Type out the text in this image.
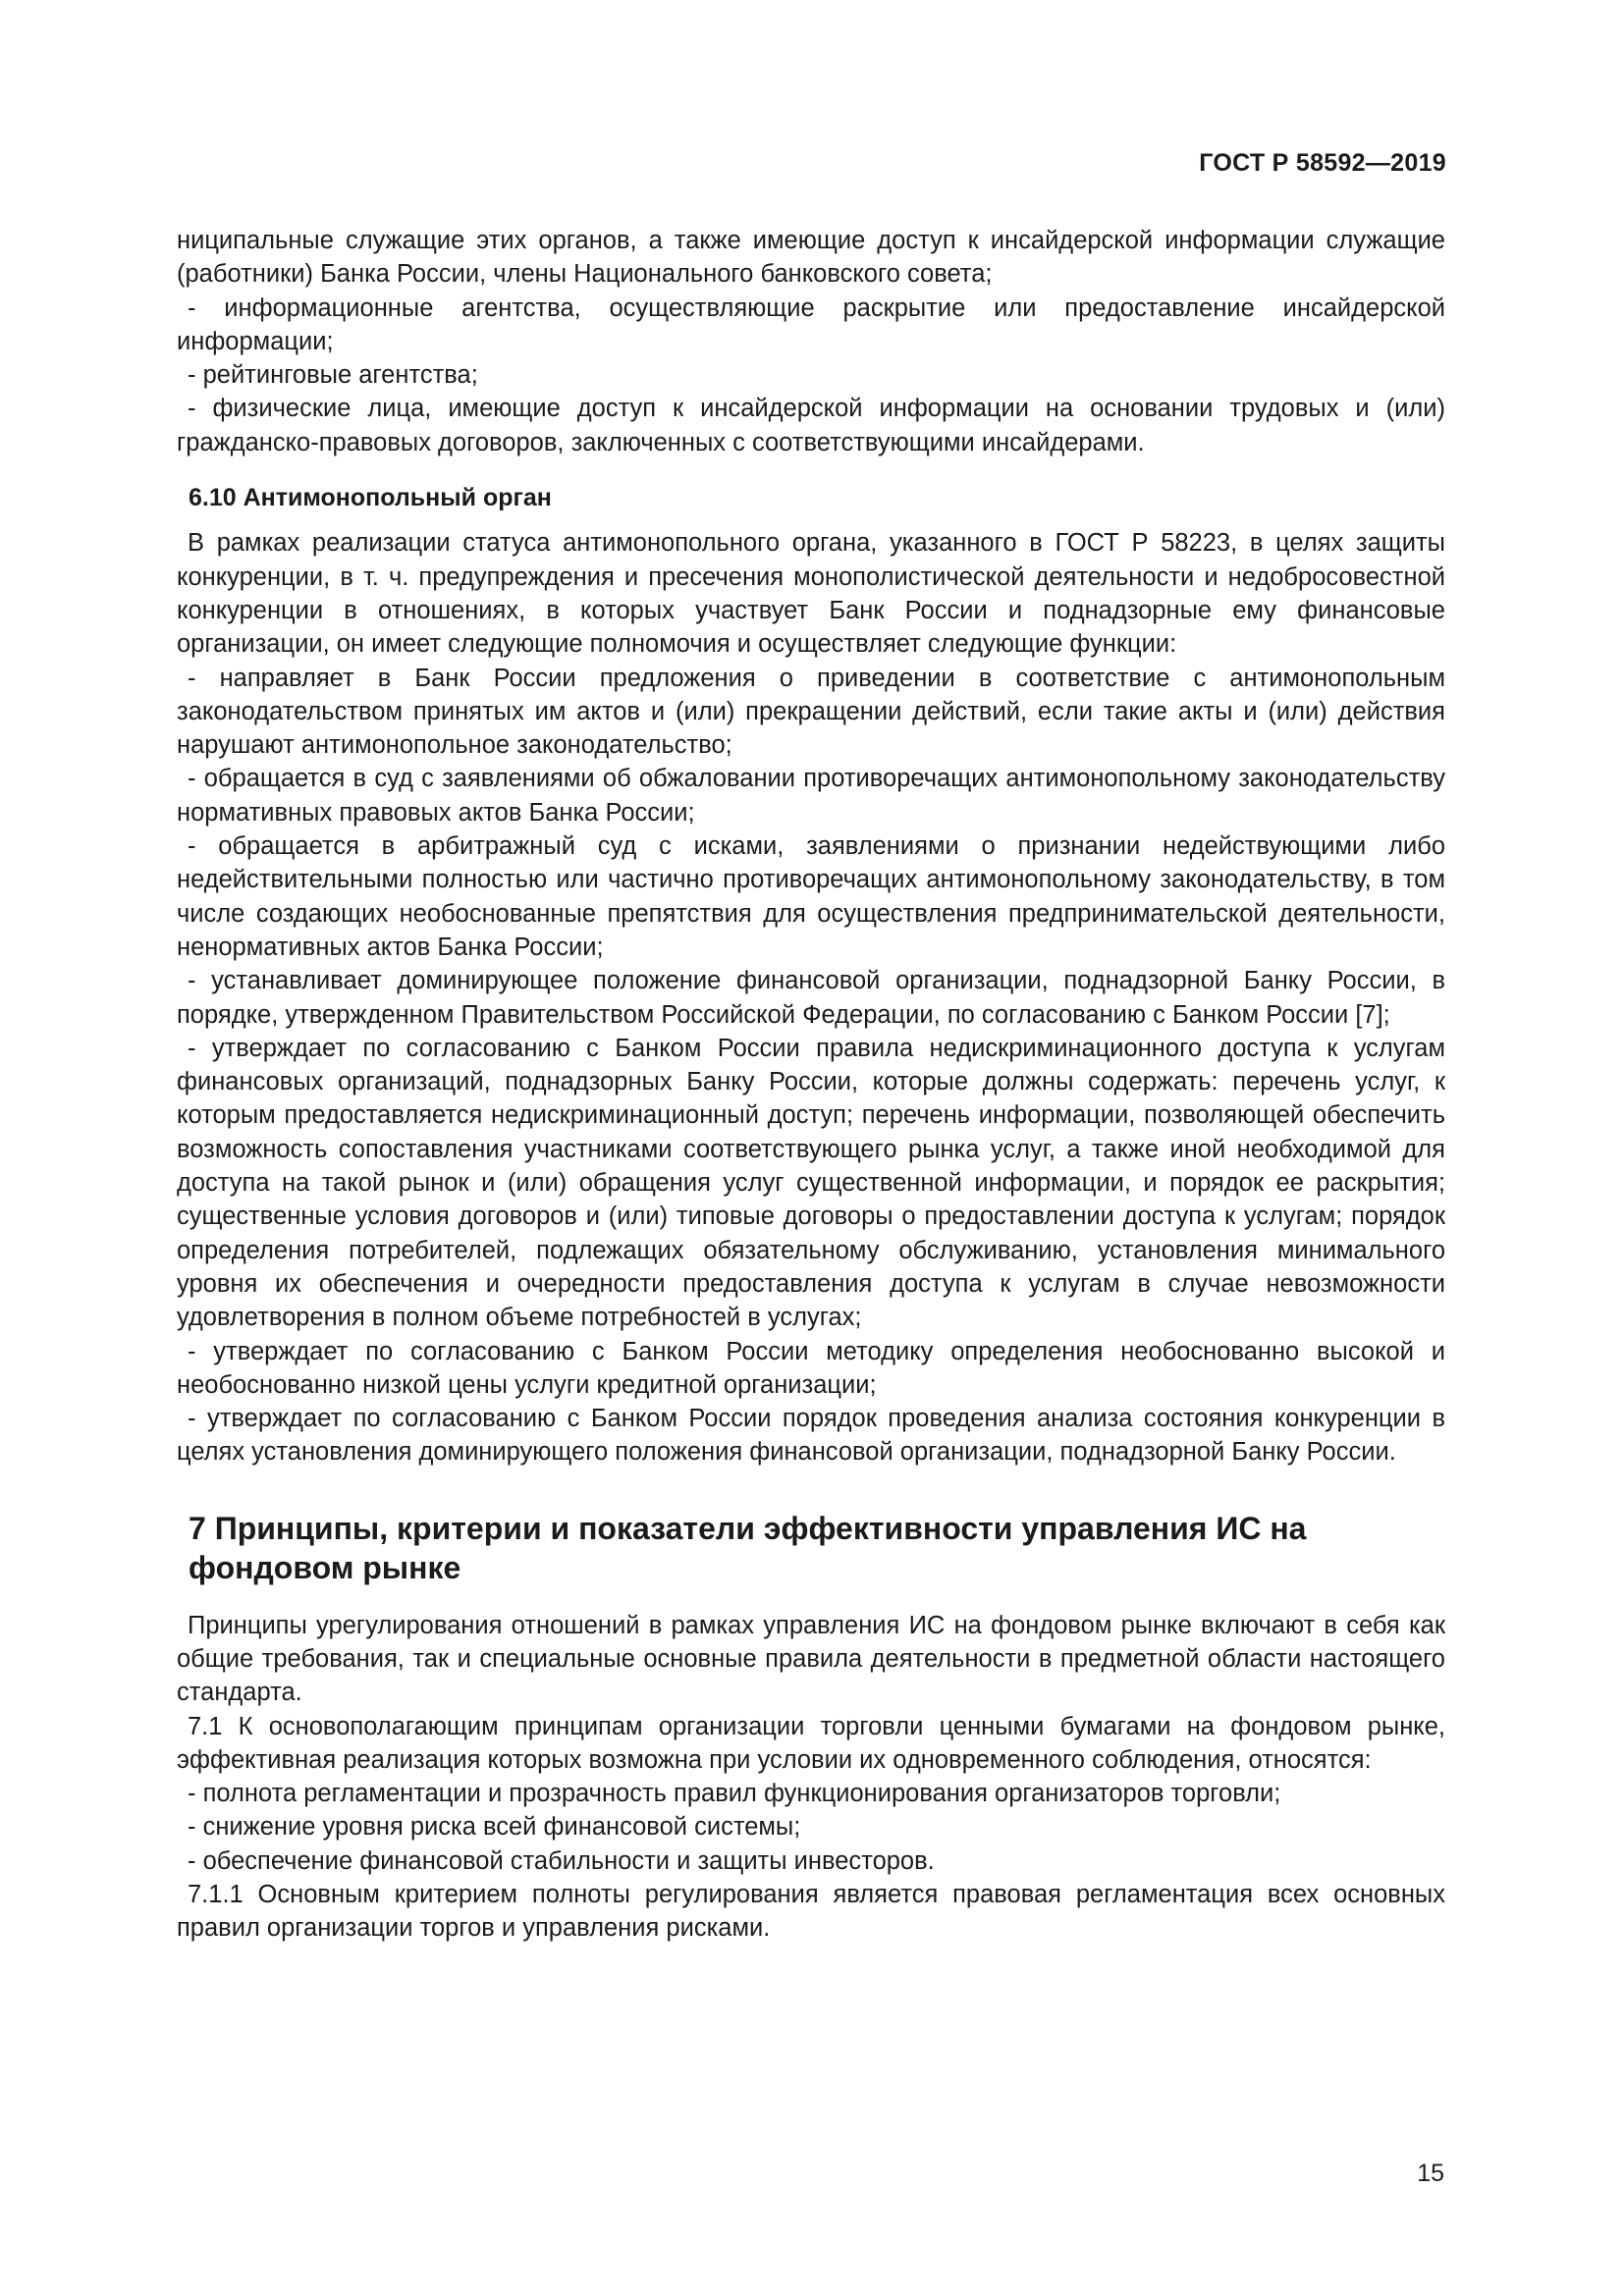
ГОСТ Р 58592—2019

ниципальные служащие этих органов, а также имеющие доступ к инсайдерской информации служащие (работники) Банка России, члены Национального банковского совета;

- информационные агентства, осуществляющие раскрытие или предоставление инсайдерской информации;

- рейтинговые агентства;

- физические лица, имеющие доступ к инсайдерской информации на основании трудовых и (или) гражданско-правовых договоров, заключенных с соответствующими инсайдерами.

6.10 Антимонопольный орган

В рамках реализации статуса антимонопольного органа, указанного в ГОСТ Р 58223, в целях защиты конкуренции, в т. ч. предупреждения и пресечения монополистической деятельности и недобросовестной конкуренции в отношениях, в которых участвует Банк России и поднадзорные ему финансовые организации, он имеет следующие полномочия и осуществляет следующие функции:

- направляет в Банк России предложения о приведении в соответствие с антимонопольным законодательством принятых им актов и (или) прекращении действий, если такие акты и (или) действия нарушают антимонопольное законодательство;

- обращается в суд с заявлениями об обжаловании противоречащих антимонопольному законодательству нормативных правовых актов Банка России;

- обращается в арбитражный суд с исками, заявлениями о признании недействующими либо недействительными полностью или частично противоречащих антимонопольному законодательству, в том числе создающих необоснованные препятствия для осуществления предпринимательской деятельности, ненормативных актов Банка России;

- устанавливает доминирующее положение финансовой организации, поднадзорной Банку России, в порядке, утвержденном Правительством Российской Федерации, по согласованию с Банком России [7];

- утверждает по согласованию с Банком России правила недискриминационного доступа к услугам финансовых организаций, поднадзорных Банку России, которые должны содержать: перечень услуг, к которым предоставляется недискриминационный доступ; перечень информации, позволяющей обеспечить возможность сопоставления участниками соответствующего рынка услуг, а также иной необходимой для доступа на такой рынок и (или) обращения услуг существенной информации, и порядок ее раскрытия; существенные условия договоров и (или) типовые договоры о предоставлении доступа к услугам; порядок определения потребителей, подлежащих обязательному обслуживанию, установления минимального уровня их обеспечения и очередности предоставления доступа к услугам в случае невозможности удовлетворения в полном объеме потребностей в услугах;

- утверждает по согласованию с Банком России методику определения необоснованно высокой и необоснованно низкой цены услуги кредитной организации;

- утверждает по согласованию с Банком России порядок проведения анализа состояния конкуренции в целях установления доминирующего положения финансовой организации, поднадзорной Банку России.

7 Принципы, критерии и показатели эффективности управления ИС на фондовом рынке

Принципы урегулирования отношений в рамках управления ИС на фондовом рынке включают в себя как общие требования, так и специальные основные правила деятельности в предметной области настоящего стандарта.

7.1 К основополагающим принципам организации торговли ценными бумагами на фондовом рынке, эффективная реализация которых возможна при условии их одновременного соблюдения, относятся:

- полнота регламентации и прозрачность правил функционирования организаторов торговли;

- снижение уровня риска всей финансовой системы;

- обеспечение финансовой стабильности и защиты инвесторов.

7.1.1 Основным критерием полноты регулирования является правовая регламентация всех основных правил организации торгов и управления рисками.

15
